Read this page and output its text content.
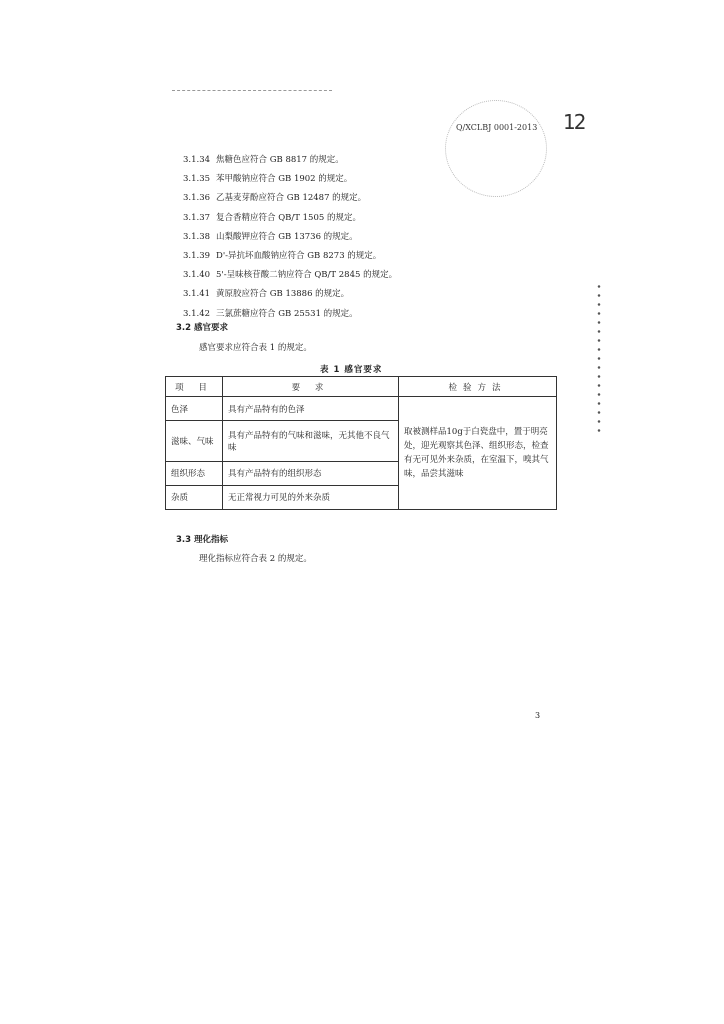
Q/XCLBJ 0001-2013 12
3.1.34 焦糖色应符合 GB 8817 的规定。
3.1.35 苯甲酸钠应符合 GB 1902 的规定。
3.1.36 乙基麦芽酚应符合 GB 12487 的规定。
3.1.37 复合香精应符合 QB/T 1505 的规定。
3.1.38 山梨酸钾应符合 GB 13736 的规定。
3.1.39 D'-异抗坏血酸钠应符合 GB 8273 的规定。
3.1.40 5'-呈味核苷酸二钠应符合 QB/T 2845 的规定。
3.1.41 黄原胶应符合 GB 13886 的规定。
3.1.42 三氯蔗糖应符合 GB 25531 的规定。
3.2 感官要求
感官要求应符合表 1 的规定。
表 1 感官要求
项 目	要 求	检验方法
色泽	具有产品特有的色泽	取被测样品10g于白瓷盘中，置于明亮处，迎光观察其色泽、组织形态，检查有无可见外来杂质，在室温下，嗅其气味，品尝其滋味
滋味、气味	具有产品特有的气味和滋味，无其他不良气味	
组织形态	具有产品特有的组织形态	
杂质	无正常视力可见的外来杂质	
3.3 理化指标
理化指标应符合表 2 的规定。
3
